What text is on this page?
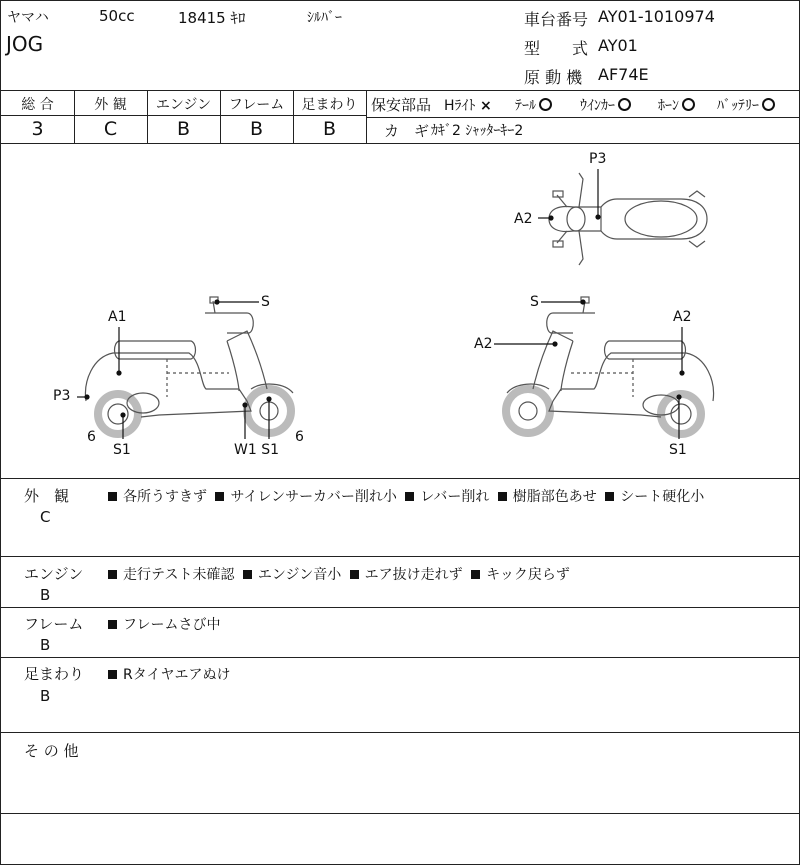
ヤマハ	50cc	18415 ｷﾛ	ｼﾙﾊﾞｰ
JOG
車台番号 AY01-1010974
型　　式 AY01
原 動 機 AF74E
総 合	外 観	エンジン	フレーム	足まわり
3	C	B	B	B
保安部品 Hﾗｲﾄ × ﾃｰﾙ	ｳｲﾝｶｰ	ﾎｰﾝ	ﾊﾞｯﾃﾘｰ
カ　ギ ｶｷﾞ2 ｼｬｯﾀｰｷｰ2
P3
A2
A1
S
P3
6
S1	W1 S1
6
S
A2
A2
S1
外　観
C
各所うすきず サイレンサーカバー削れ小 レバー削れ 樹脂部色あせ シート硬化小
エンジン
B
走行テスト未確認 エンジン音小 エア抜け走れず キック戻らず
フレーム
B
フレームさび中
足まわり
B
Rタイヤエアぬけ
そ の 他
